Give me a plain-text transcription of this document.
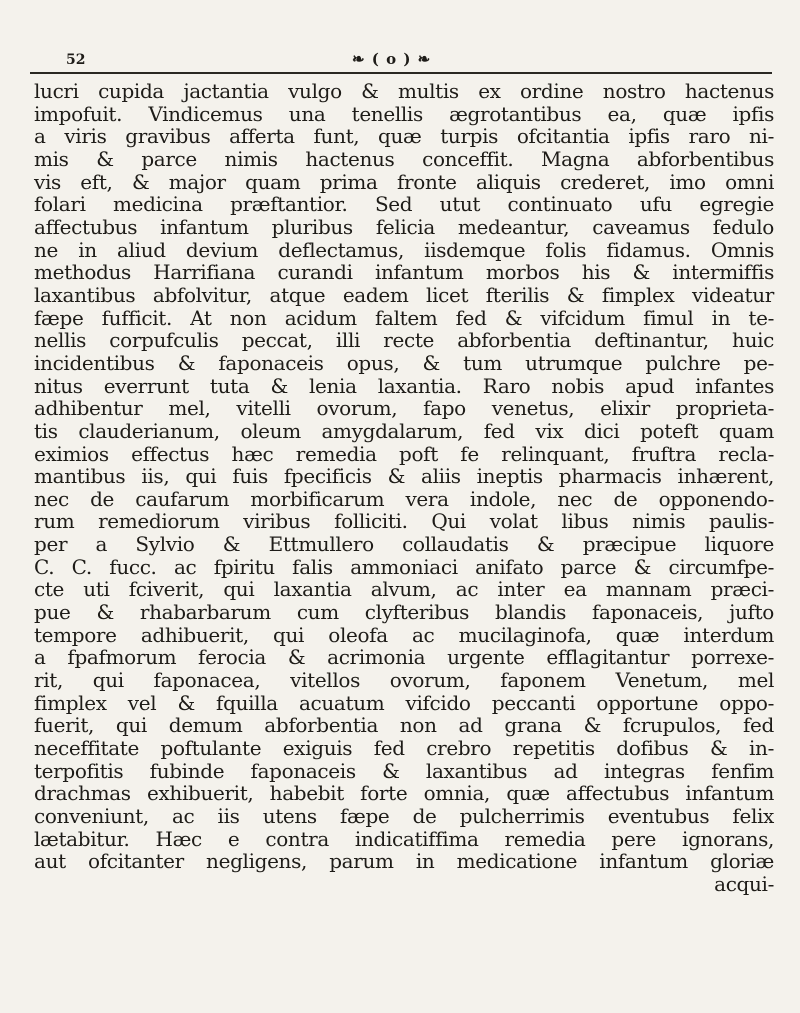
52	❧ ( o ) ❧
lucri cupida jactantia vulgo & multis ex ordine nostro hactenus
impofuit. Vindicemus una tenellis ægrotantibus ea, quæ ipfis
a viris gravibus afferta funt, quæ turpis ofcitantia ipfis raro ni-
mis & parce nimis hactenus conceffit. Magna abforbentibus
vis eft, & major quam prima fronte aliquis crederet, imo omni
folari medicina præftantior. Sed utut continuato ufu egregie
affectubus infantum pluribus felicia medeantur, caveamus fedulo
ne in aliud devium deflectamus, iisdemque folis fidamus. Omnis
methodus Harrifiana curandi infantum morbos his & intermiffis
laxantibus abfolvitur, atque eadem licet fterilis & fimplex videatur
fæpe fufficit. At non acidum faltem fed & vifcidum fimul in te-
nellis corpufculis peccat, illi recte abforbentia deftinantur, huic
incidentibus & faponaceis opus, & tum utrumque pulchre pe-
nitus everrunt tuta & lenia laxantia. Raro nobis apud infantes
adhibentur mel, vitelli ovorum, fapo venetus, elixir proprieta-
tis clauderianum, oleum amygdalarum, fed vix dici poteft quam
eximios effectus hæc remedia poft fe relinquant, fruftra recla-
mantibus iis, qui fuis fpecificis & aliis ineptis pharmacis inhærent,
nec de caufarum morbificarum vera indole, nec de opponendo-
rum remediorum viribus folliciti. Qui volat libus nimis paulis-
per a Sylvio & Ettmullero collaudatis & præcipue liquore
C. C. fucc. ac fpiritu falis ammoniaci anifato parce & circumfpe-
cte uti fciverit, qui laxantia alvum, ac inter ea mannam præci-
pue & rhabarbarum cum clyfteribus blandis faponaceis, jufto
tempore adhibuerit, qui oleofa ac mucilaginofa, quæ interdum
a fpafmorum ferocia & acrimonia urgente efflagitantur porrexe-
rit, qui faponacea, vitellos ovorum, faponem Venetum, mel
fimplex vel & fquilla acuatum vifcido peccanti opportune oppo-
fuerit, qui demum abforbentia non ad grana & fcrupulos, fed
neceffitate poftulante exiguis fed crebro repetitis dofibus & in-
terpofitis fubinde faponaceis & laxantibus ad integras fenfim
drachmas exhibuerit, habebit forte omnia, quæ affectubus infantum
conveniunt, ac iis utens fæpe de pulcherrimis eventubus felix
lætabitur. Hæc e contra indicatiffima remedia pere ignorans,
aut ofcitanter negligens, parum in medicatione infantum gloriæ
acqui-
